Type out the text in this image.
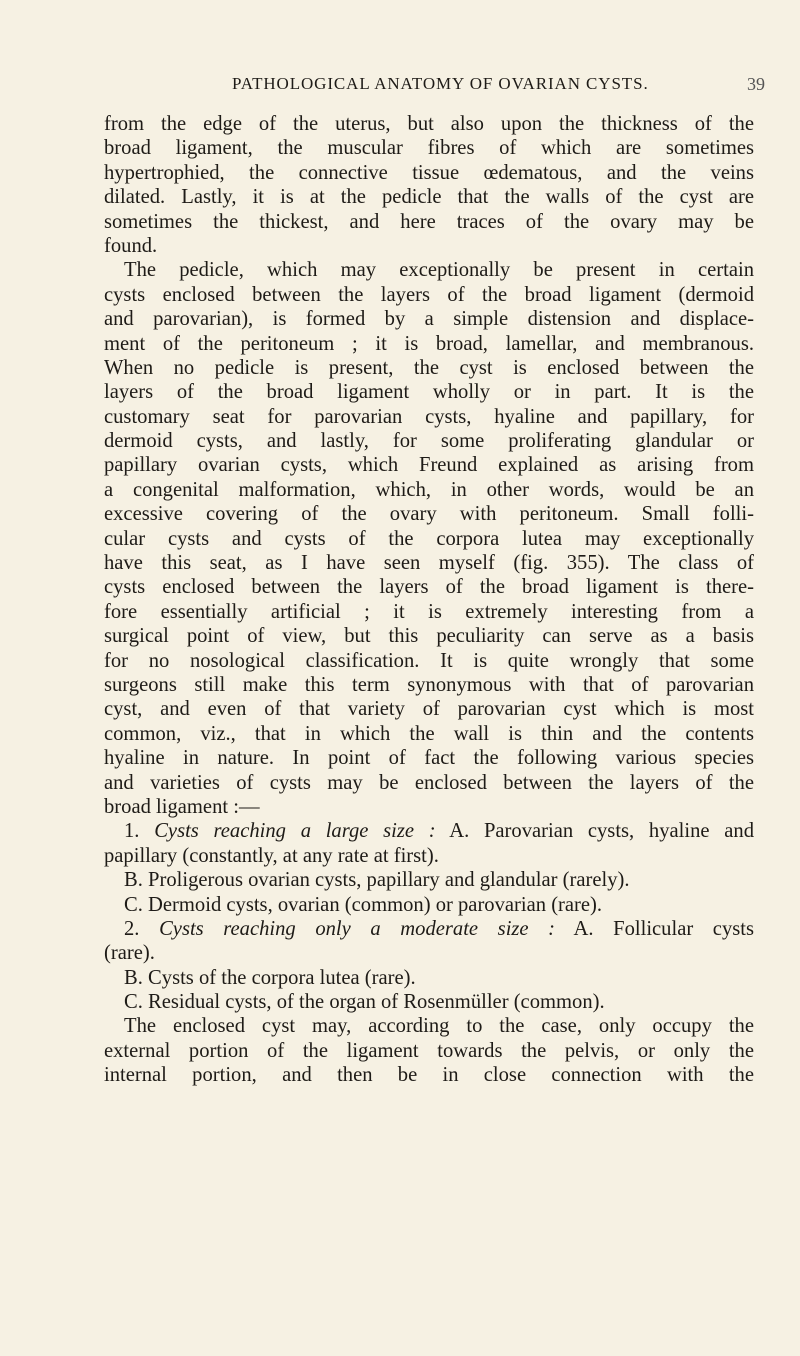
PATHOLOGICAL ANATOMY OF OVARIAN CYSTS.	39
from the edge of the uterus, but also upon the thickness of the
broad ligament, the muscular fibres of which are sometimes
hypertrophied, the connective tissue œdematous, and the veins
dilated. Lastly, it is at the pedicle that the walls of the cyst are
sometimes the thickest, and here traces of the ovary may be
found.
The pedicle, which may exceptionally be present in certain
cysts enclosed between the layers of the broad ligament (dermoid
and parovarian), is formed by a simple distension and displace-
ment of the peritoneum ; it is broad, lamellar, and membranous.
When no pedicle is present, the cyst is enclosed between the
layers of the broad ligament wholly or in part. It is the
customary seat for parovarian cysts, hyaline and papillary, for
dermoid cysts, and lastly, for some proliferating glandular or
papillary ovarian cysts, which Freund explained as arising from
a congenital malformation, which, in other words, would be an
excessive covering of the ovary with peritoneum. Small folli-
cular cysts and cysts of the corpora lutea may exceptionally
have this seat, as I have seen myself (fig. 355). The class of
cysts enclosed between the layers of the broad ligament is there-
fore essentially artificial ; it is extremely interesting from a
surgical point of view, but this peculiarity can serve as a basis
for no nosological classification. It is quite wrongly that some
surgeons still make this term synonymous with that of parovarian
cyst, and even of that variety of parovarian cyst which is most
common, viz., that in which the wall is thin and the contents
hyaline in nature. In point of fact the following various species
and varieties of cysts may be enclosed between the layers of the
broad ligament :—
1. Cysts reaching a large size : A. Parovarian cysts, hyaline and
papillary (constantly, at any rate at first).
B. Proligerous ovarian cysts, papillary and glandular (rarely).
C. Dermoid cysts, ovarian (common) or parovarian (rare).
2. Cysts reaching only a moderate size : A. Follicular cysts
(rare).
B. Cysts of the corpora lutea (rare).
C. Residual cysts, of the organ of Rosenmüller (common).
The enclosed cyst may, according to the case, only occupy the
external portion of the ligament towards the pelvis, or only the
internal portion, and then be in close connection with the
